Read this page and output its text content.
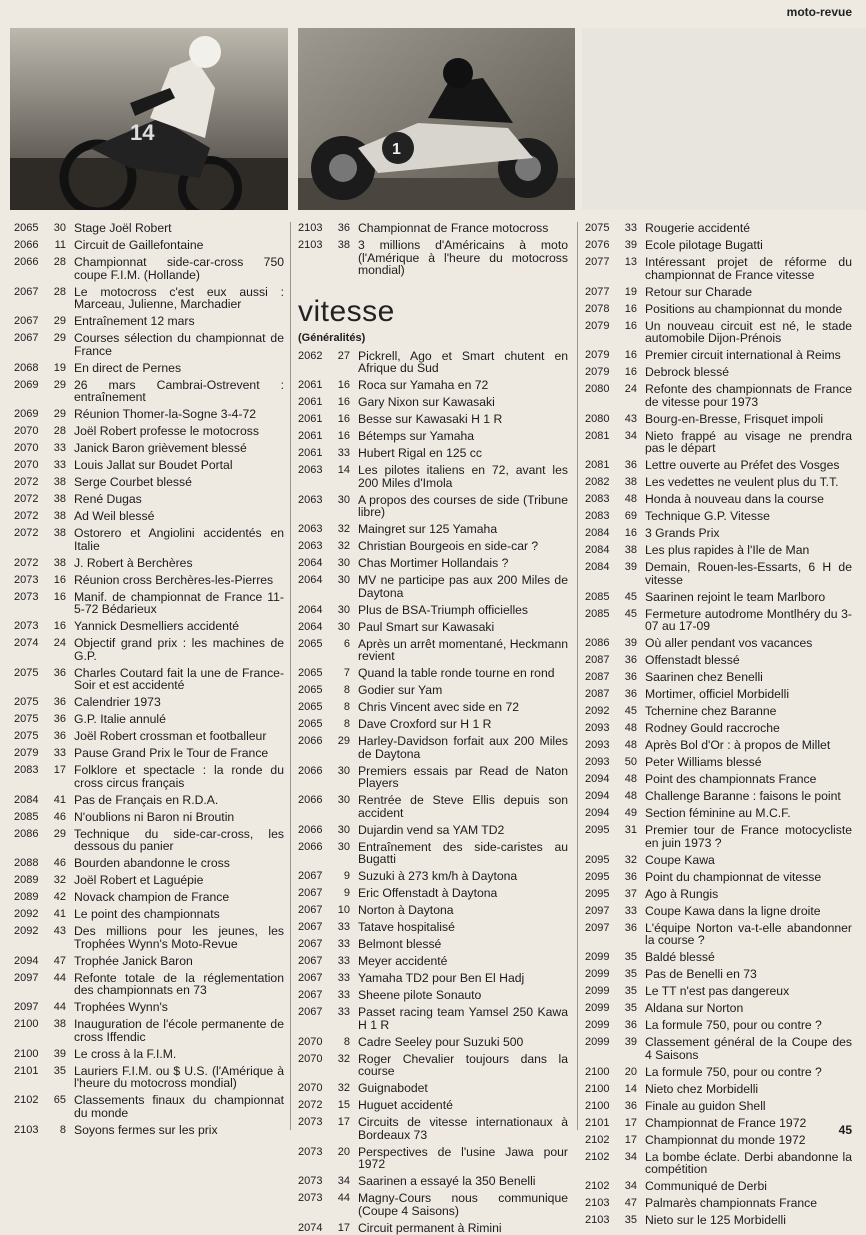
moto-revue
14
1
2065	30 Stage Joël Robert
2066	11 Circuit de Gaillefontaine
2066	28 Championnat side-car-cross 750 coupe F.I.M. (Hollande)
2067	28 Le motocross c'est eux aussi : Marceau, Julienne, Marchadier
2067	29 Entraînement 12 mars
2067	29 Courses sélection du championnat de France
2068	19 En direct de Pernes
2069	29 26 mars Cambrai-Ostrevent : entraînement
2069	29 Réunion Thomer-la-Sogne 3-4-72
2070	28 Joël Robert professe le motocross
2070	33 Janick Baron grièvement blessé
2070	33 Louis Jallat sur Boudet Portal
2072	38 Serge Courbet blessé
2072	38 René Dugas
2072	38 Ad Weil blessé
2072	38 Ostorero et Angiolini accidentés en Italie
2072	38 J. Robert à Berchères
2073	16 Réunion cross Berchères-les-Pierres
2073	16 Manif. de championnat de France 11-5-72 Bédarieux
2073	16 Yannick Desmelliers accidenté
2074	24 Objectif grand prix : les machines de G.P.
2075	36 Charles Coutard fait la une de France-Soir et est accidenté
2075	36 Calendrier 1973
2075	36 G.P. Italie annulé
2075	36 Joël Robert crossman et footballeur
2079	33 Pause Grand Prix le Tour de France
2083	17 Folklore et spectacle : la ronde du cross circus français
2084	41 Pas de Français en R.D.A.
2085	46 N'oublions ni Baron ni Broutin
2086	29 Technique du side-car-cross, les dessous du panier
2088	46 Bourden abandonne le cross
2089	32 Joël Robert et Laguépie
2089	42 Novack champion de France
2092	41 Le point des championnats
2092	43 Des millions pour les jeunes, les Trophées Wynn's Moto-Revue
2094	47 Trophée Janick Baron
2097	44 Refonte totale de la réglementation des championnats en 73
2097	44 Trophées Wynn's
2100	38 Inauguration de l'école permanente de cross Iffendic
2100	39 Le cross à la F.I.M.
2101	35 Lauriers F.I.M. ou $ U.S. (l'Amérique à l'heure du motocross mondial)
2102	65 Classements finaux du championnat du monde
2103	8 Soyons fermes sur les prix
2103	36 Championnat de France motocross
2103	38 3 millions d'Américains à moto (l'Amérique à l'heure du motocross mondial)
vitesse
(Généralités)
2062	27 Pickrell, Ago et Smart chutent en Afrique du Sud
2061	16 Roca sur Yamaha en 72
2061	16 Gary Nixon sur Kawasaki
2061	16 Besse sur Kawasaki H 1 R
2061	16 Bétemps sur Yamaha
2061	33 Hubert Rigal en 125 cc
2063	14 Les pilotes italiens en 72, avant les 200 Miles d'Imola
2063	30 A propos des courses de side (Tribune libre)
2063	32 Maingret sur 125 Yamaha
2063	32 Christian Bourgeois en side-car ?
2064	30 Chas Mortimer Hollandais ?
2064	30 MV ne participe pas aux 200 Miles de Daytona
2064	30 Plus de BSA-Triumph officielles
2064	30 Paul Smart sur Kawasaki
2065	6 Après un arrêt momentané, Heckmann revient
2065	7 Quand la table ronde tourne en rond
2065	8 Godier sur Yam
2065	8 Chris Vincent avec side en 72
2065	8 Dave Croxford sur H 1 R
2066	29 Harley-Davidson forfait aux 200 Miles de Daytona
2066	30 Premiers essais par Read de Naton Players
2066	30 Rentrée de Steve Ellis depuis son accident
2066	30 Dujardin vend sa YAM TD2
2066	30 Entraînement des side-caristes au Bugatti
2067	9 Suzuki à 273 km/h à Daytona
2067	9 Eric Offenstadt à Daytona
2067	10 Norton à Daytona
2067	33 Tatave hospitalisé
2067	33 Belmont blessé
2067	33 Meyer accidenté
2067	33 Yamaha TD2 pour Ben El Hadj
2067	33 Sheene pilote Sonauto
2067	33 Passet racing team Yamsel 250 Kawa H 1 R
2070	8 Cadre Seeley pour Suzuki 500
2070	32 Roger Chevalier toujours dans la course
2070	32 Guignabodet
2072	15 Huguet accidenté
2073	17 Circuits de vitesse internationaux à Bordeaux 73
2073	20 Perspectives de l'usine Jawa pour 1972
2073	34 Saarinen a essayé la 350 Benelli
2073	44 Magny-Cours nous communique (Coupe 4 Saisons)
2074	17 Circuit permanent à Rimini
2075	33 Rougerie accidenté
2076	39 Ecole pilotage Bugatti
2077	13 Intéressant projet de réforme du championnat de France vitesse
2077	19 Retour sur Charade
2078	16 Positions au championnat du monde
2079	16 Un nouveau circuit est né, le stade automobile Dijon-Prénois
2079	16 Premier circuit international à Reims
2079	16 Debrock blessé
2080	24 Refonte des championnats de France de vitesse pour 1973
2080	43 Bourg-en-Bresse, Frisquet impoli
2081	34 Nieto frappé au visage ne prendra pas le départ
2081	36 Lettre ouverte au Préfet des Vosges
2082	38 Les vedettes ne veulent plus du T.T.
2083	48 Honda à nouveau dans la course
2083	69 Technique G.P. Vitesse
2084	16 3 Grands Prix
2084	38 Les plus rapides à l'Ile de Man
2084	39 Demain, Rouen-les-Essarts, 6 H de vitesse
2085	45 Saarinen rejoint le team Marlboro
2085	45 Fermeture autodrome Montlhéry du 3-07 au 17-09
2086	39 Où aller pendant vos vacances
2087	36 Offenstadt blessé
2087	36 Saarinen chez Benelli
2087	36 Mortimer, officiel Morbidelli
2092	45 Tchernine chez Baranne
2093	48 Rodney Gould raccroche
2093	48 Après Bol d'Or : à propos de Millet
2093	50 Peter Williams blessé
2094	48 Point des championnats France
2094	48 Challenge Baranne : faisons le point
2094	49 Section féminine au M.C.F.
2095	31 Premier tour de France motocycliste en juin 1973 ?
2095	32 Coupe Kawa
2095	36 Point du championnat de vitesse
2095	37 Ago à Rungis
2097	33 Coupe Kawa dans la ligne droite
2097	36 L'équipe Norton va-t-elle abandonner la course ?
2099	35 Baldé blessé
2099	35 Pas de Benelli en 73
2099	35 Le TT n'est pas dangereux
2099	35 Aldana sur Norton
2099	36 La formule 750, pour ou contre ?
2099	39 Classement général de la Coupe des 4 Saisons
2100	20 La formule 750, pour ou contre ?
2100	14 Nieto chez Morbidelli
2100	36 Finale au guidon Shell
2101	17 Championnat de France 1972
2102	17 Championnat du monde 1972
2102	34 La bombe éclate. Derbi abandonne la compétition
2102	34 Communiqué de Derbi
2103	47 Palmarès championnats France
2103	35 Nieto sur le 125 Morbidelli
45
